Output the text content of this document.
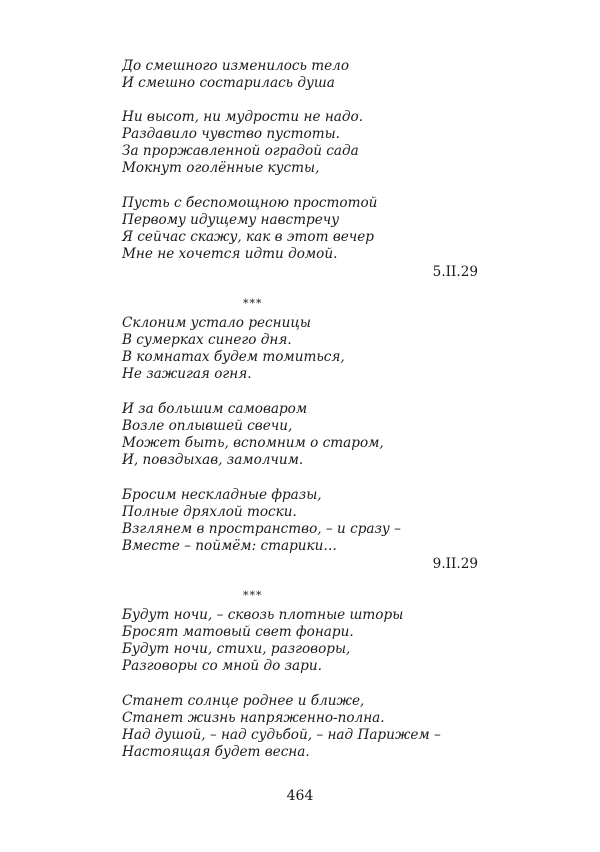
До смешного изменилось тело
И смешно состарилась душа
Ни высот, ни мудрости не надо.
Раздавило чувство пустоты.
За проржавленной оградой сада
Мокнут оголённые кусты,
Пусть с беспомощною простотой
Первому идущему навстречу
Я сейчас скажу, как в этот вечер
Мне не хочется идти домой.
5.II.29
***
Склоним устало ресницы
В сумерках синего дня.
В комнатах будем томиться,
Не зажигая огня.
И за большим самоваром
Возле оплывшей свечи,
Может быть, вспомним о старом,
И, повздыхав, замолчим.
Бросим нескладные фразы,
Полные дряхлой тоски.
Взглянем в пространство, – и сразу –
Вместе – поймём: старики…
9.II.29
***
Будут ночи, – сквозь плотные шторы
Бросят матовый свет фонари.
Будут ночи, стихи, разговоры,
Разговоры со мной до зари.
Станет солнце роднее и ближе,
Станет жизнь напряженно-полна.
Над душой, – над судьбой, – над Парижем –
Настоящая будет весна.
464
